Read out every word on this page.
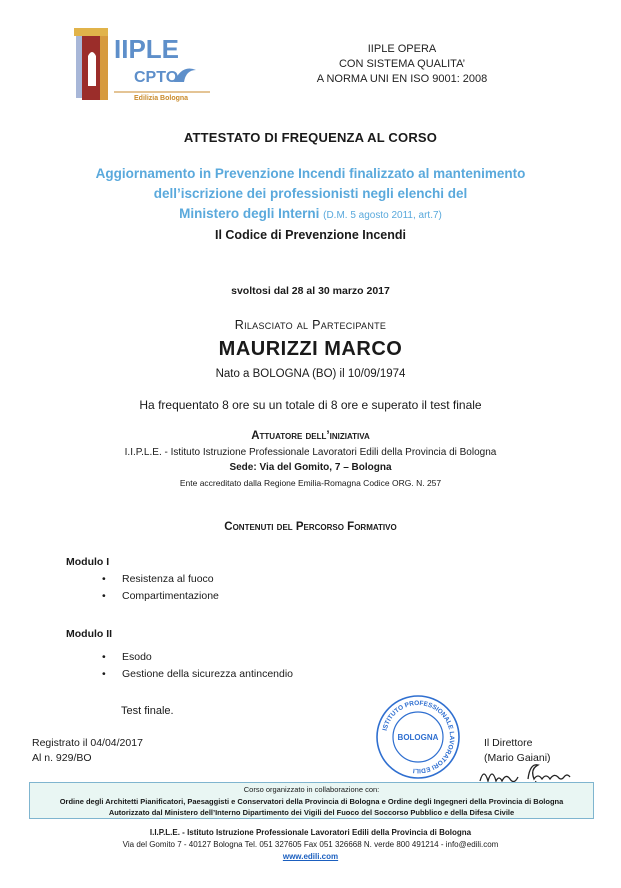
IIPLE
CPTO
Edilizia Bologna
IIPLE OPERA
CON SISTEMA QUALITA’
A NORMA UNI EN ISO 9001: 2008
ATTESTATO DI FREQUENZA AL CORSO
Aggiornamento in Prevenzione Incendi finalizzato al mantenimento
dell’iscrizione dei professionisti negli elenchi del
Ministero degli Interni (D.M. 5 agosto 2011, art.7)
Il Codice di Prevenzione Incendi
svoltosi dal 28 al 30 marzo 2017
Rilasciato al Partecipante
MAURIZZI MARCO
Nato a BOLOGNA (BO) il 10/09/1974
Ha frequentato 8 ore su un totale di 8 ore e superato il test finale
Attuatore dell’iniziativa
I.I.P.L.E. - Istituto Istruzione Professionale Lavoratori Edili della Provincia di Bologna
Sede: Via del Gomito, 7 – Bologna
Ente accreditato dalla Regione Emilia-Romagna Codice ORG. N. 257
Contenuti del Percorso Formativo
Modulo I
• Resistenza al fuoco
• Compartimentazione
Modulo II
• Esodo
• Gestione della sicurezza antincendio
Test finale.
Registrato il 04/04/2017
Al n. 929/BO
ISTITUTO PROFESSIONALE LAVORATORI EDILI
BOLOGNA	Il Direttore
(Mario Gaiani)
Corso organizzato in collaborazione con:
Ordine degli Architetti Pianificatori, Paesaggisti e Conservatori della Provincia di Bologna e Ordine degli Ingegneri della Provincia di Bologna
Autorizzato dal Ministero dell’Interno Dipartimento dei Vigili del Fuoco del Soccorso Pubblico e della Difesa Civile
I.I.P.L.E. - Istituto Istruzione Professionale Lavoratori Edili della Provincia di Bologna
Via del Gomito 7 - 40127 Bologna Tel. 051 327605 Fax 051 326668 N. verde 800 491214 - info@edili.com
www.edili.com
